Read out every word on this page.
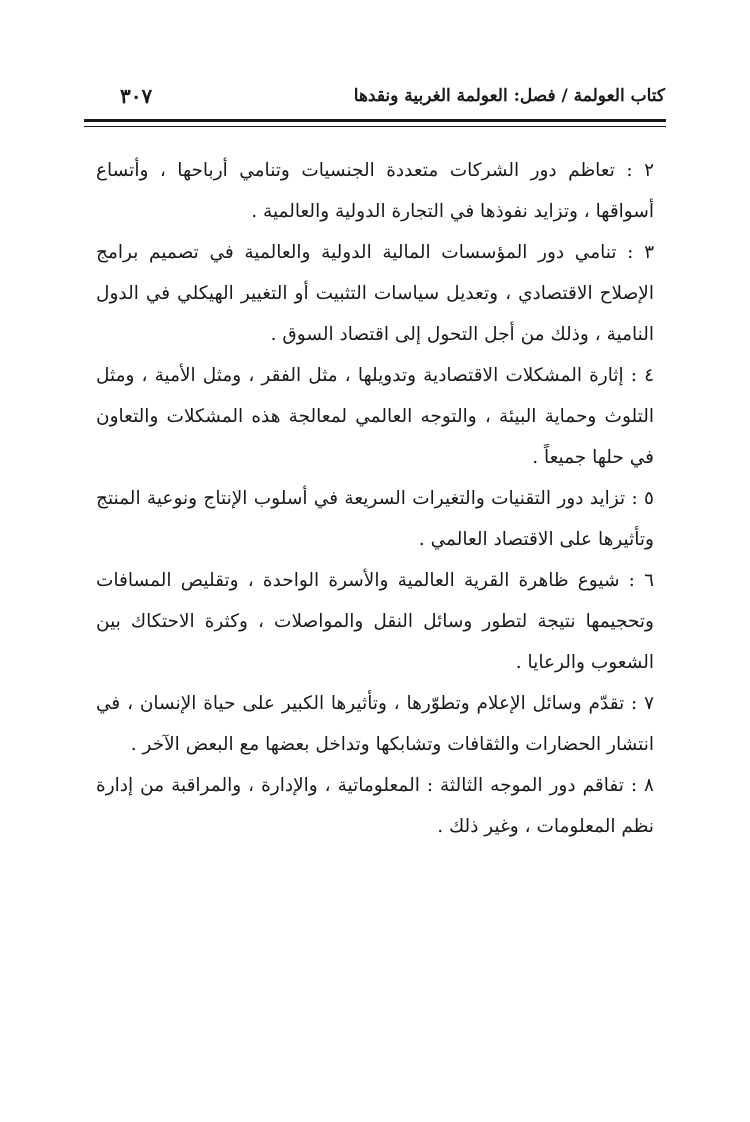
كتاب العولمة / فصل: العولمة الغربية ونقدها
٣٠٧

٢ : تعاظم دور الشركات متعددة الجنسيات وتنامي أرباحها ، وأتساع أسواقها ، وتزايد نفوذها في التجارة الدولية والعالمية .

٣ : تنامي دور المؤسسات المالية الدولية والعالمية في تصميم برامج الإصلاح الاقتصادي ، وتعديل سياسات التثبيت أو التغيير الهيكلي في الدول النامية ، وذلك من أجل التحول إلى اقتصاد السوق .

٤ : إثارة المشكلات الاقتصادية وتدويلها ، مثل الفقر ، ومثل الأمية ، ومثل التلوث وحماية البيئة ، والتوجه العالمي لمعالجة هذه المشكلات والتعاون في حلها جميعاً .

٥ : تزايد دور التقنيات والتغيرات السريعة في أسلوب الإنتاج ونوعية المنتج وتأثيرها على الاقتصاد العالمي .

٦ : شيوع ظاهرة القرية العالمية والأسرة الواحدة ، وتقليص المسافات وتحجيمها نتيجة لتطور وسائل النقل والمواصلات ، وكثرة الاحتكاك بين الشعوب والرعايا .

٧ : تقدّم وسائل الإعلام وتطوّرها ، وتأثيرها الكبير على حياة الإنسان ، في انتشار الحضارات والثقافات وتشابكها وتداخل بعضها مع البعض الآخر .

٨ : تفاقم دور الموجه الثالثة : المعلوماتية ، والإدارة ، والمراقبة من إدارة نظم المعلومات ، وغير ذلك .
